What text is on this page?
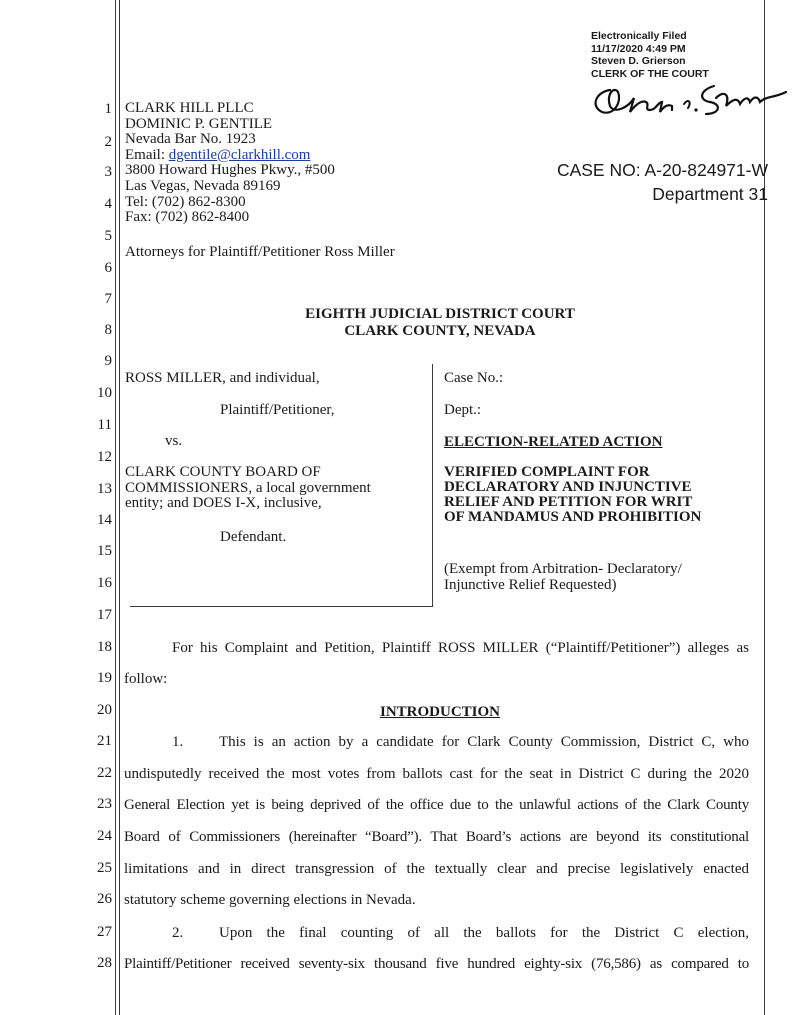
1
2
3
4
5
6
7
8
9
10
11
12
13
14
15
16
17
18
19
20
21
22
23
24
25
26
27
28
Electronically Filed
11/17/2020 4:49 PM
Steven D. Grierson
CLERK OF THE COURT
CASE NO: A-20-824971-W
Department 31
CLARK HILL PLLC
DOMINIC P. GENTILE
Nevada Bar No. 1923
Email: dgentile@clarkhill.com
3800 Howard Hughes Pkwy., #500
Las Vegas, Nevada 89169
Tel: (702) 862-8300
Fax: (702) 862-8400
Attorneys for Plaintiff/Petitioner Ross Miller
EIGHTH JUDICIAL DISTRICT COURT
CLARK COUNTY, NEVADA
ROSS MILLER, and individual,
Plaintiff/Petitioner,
vs.
CLARK COUNTY BOARD OF
COMMISSIONERS, a local government
entity; and DOES I-X, inclusive,
Defendant.
Case No.:
Dept.:
ELECTION-RELATED ACTION
VERIFIED COMPLAINT FOR
DECLARATORY AND INJUNCTIVE
RELIEF AND PETITION FOR WRIT
OF MANDAMUS AND PROHIBITION
(Exempt from Arbitration- Declaratory/
Injunctive Relief Requested)
For his Complaint and Petition, Plaintiff ROSS MILLER (“Plaintiff/Petitioner”) alleges as
follow:
INTRODUCTION
1. This is an action by a candidate for Clark County Commission, District C, who
undisputedly received the most votes from ballots cast for the seat in District C during the 2020
General Election yet is being deprived of the office due to the unlawful actions of the Clark County
Board of Commissioners (hereinafter “Board”). That Board’s actions are beyond its constitutional
limitations and in direct transgression of the textually clear and precise legislatively enacted
statutory scheme governing elections in Nevada.
2. Upon the final counting of all the ballots for the District C election,
Plaintiff/Petitioner received seventy-six thousand five hundred eighty-six (76,586) as compared to
